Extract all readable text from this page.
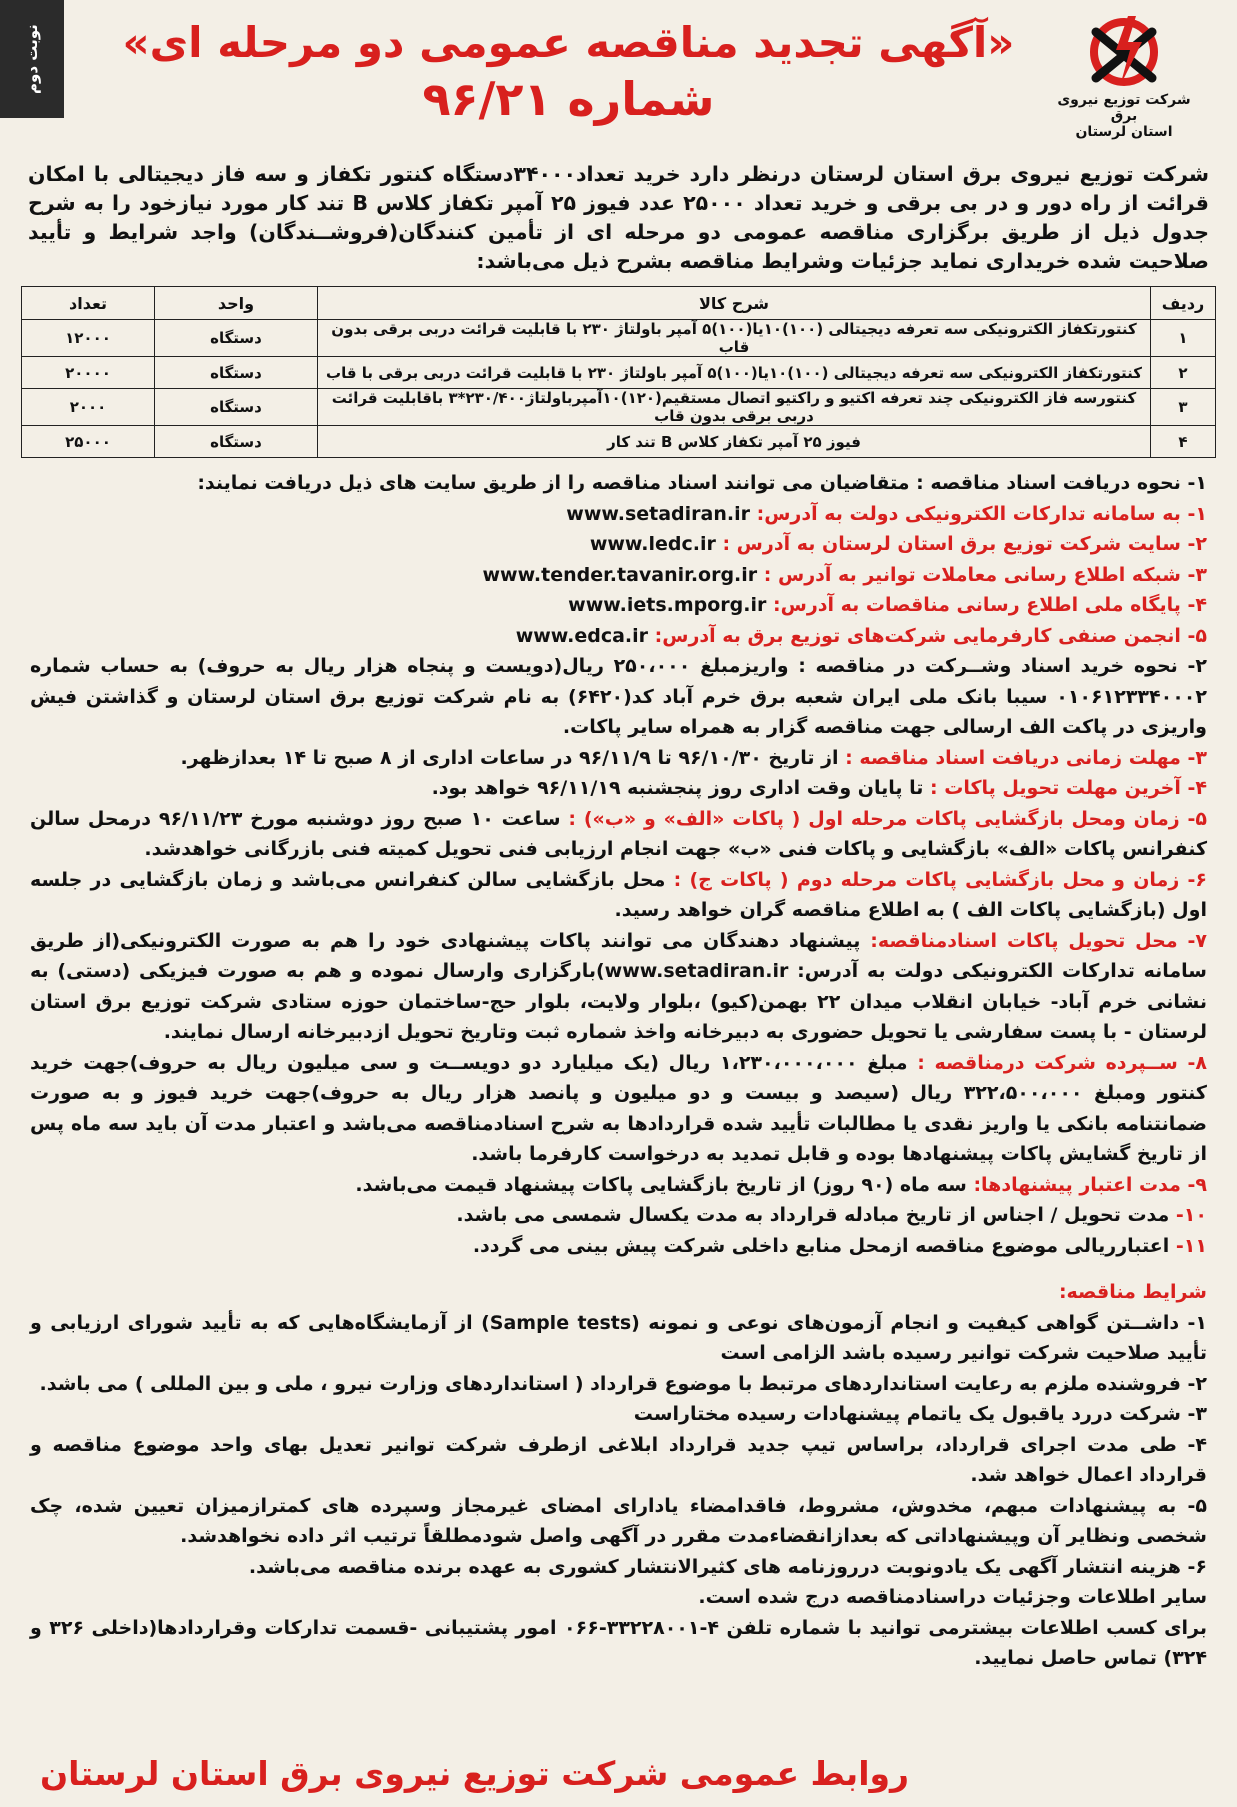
نوبت دوم
شرکت توزیع نیروی برق
استان لرستان
«آگهی تجدید مناقصه عمومی دو مرحله ای»
شماره ۹۶/۲۱

شرکت توزیع نیروی برق استان لرستان درنظر دارد خرید تعداد۳۴۰۰۰دستگاه کنتور تکفاز و سه فاز دیجیتالی با امکان قرائت از راه دور و در بی برقی و خرید تعداد ۲۵۰۰۰ عدد فیوز ۲۵ آمپر تکفاز کلاس B تند کار مورد نیازخود را به شرح جدول ذیل از طریق برگزاری مناقصه عمومی دو مرحله ای از تأمین کنندگان(فروشــندگان) واجد شرایط و تأیید صلاحیت شده خریداری نماید جزئیات وشرایط مناقصه بشرح ذیل می‌باشد:

ردیف	شرح کالا	واحد	تعداد
۱	کنتورتکفاز الکترونیکی سه تعرفه دیجیتالی (۱۰۰)۱۰یا(۱۰۰)۵ آمپر باولتاژ ۲۳۰ با قابلیت قرائت دربی برقی بدون قاب	دستگاه	۱۲۰۰۰
۲	کنتورتکفاز الکترونیکی سه تعرفه دیجیتالی (۱۰۰)۱۰یا(۱۰۰)۵ آمپر باولتاژ ۲۳۰ با قابلیت قرائت دربی برقی با قاب	دستگاه	۲۰۰۰۰
۳	کنتورسه فاز الکترونیکی چند تعرفه اکتیو و راکتیو اتصال مستقیم(۱۲۰)۱۰آمپرباولتاژ۲۳۰/۴۰۰*۳ باقابلیت قرائت دربی برقی بدون قاب	دستگاه	۲۰۰۰
۴	فیوز ۲۵ آمپر تکفاز کلاس B تند کار	دستگاه	۲۵۰۰۰

۱- نحوه دریافت اسناد مناقصه : متقاضیان می توانند اسناد مناقصه را از طریق سایت های ذیل دریافت نمایند:

۱- به سامانه تدارکات الکترونیکی دولت به آدرس: www.setadiran.ir

۲- سایت شرکت توزیع برق استان لرستان به آدرس : www.ledc.ir

۳- شبکه اطلاع رسانی معاملات توانیر به آدرس : www.tender.tavanir.org.ir

۴- پایگاه ملی اطلاع رسانی مناقصات به آدرس: www.iets.mporg.ir

۵- انجمن صنفی کارفرمایی شرکت‌های توزیع برق به آدرس: www.edca.ir

۲- نحوه خرید اسناد وشــرکت در مناقصه : واریزمبلغ ۲۵۰،۰۰۰ ریال(دویست و پنجاه هزار ریال به حروف) به حساب شماره ۰۱۰۶۱۲۳۳۴۰۰۰۲ سیبا بانک ملی ایران شعبه برق خرم آباد کد(۶۴۲۰) به نام شرکت توزیع برق استان لرستان و گذاشتن فیش واریزی در پاکت الف ارسالی جهت مناقصه گزار به همراه سایر پاکات.

۳- مهلت زمانی دریافت اسناد مناقصه : از تاریخ ۹۶/۱۰/۳۰ تا ۹۶/۱۱/۹ در ساعات اداری از ۸ صبح تا ۱۴ بعدازظهر.

۴- آخرین مهلت تحویل پاکات : تا پایان وقت اداری روز پنجشنبه ۹۶/۱۱/۱۹ خواهد بود.

۵- زمان ومحل بازگشایی پاکات مرحله اول ( پاکات «الف» و «ب») : ساعت ۱۰ صبح روز دوشنبه مورخ ۹۶/۱۱/۲۳ درمحل سالن کنفرانس پاکات «الف» بازگشایی و پاکات فنی «ب» جهت انجام ارزیابی فنی تحویل کمیته فنی بازرگانی خواهدشد.

۶- زمان و محل بازگشایی پاکات مرحله دوم ( پاکات ج) : محل بازگشایی سالن کنفرانس می‌باشد و زمان بازگشایی در جلسه اول (بازگشایی پاکات الف ) به اطلاع مناقصه گران خواهد رسید.

۷- محل تحویل پاکات اسنادمناقصه: پیشنهاد دهندگان می توانند پاکات پیشنهادی خود را هم به صورت الکترونیکی(از طریق سامانه تدارکات الکترونیکی دولت به آدرس: www.setadiran.ir)بارگزاری وارسال نموده و هم به صورت فیزیکی (دستی) به نشانی خرم آباد- خیابان انقلاب میدان ۲۲ بهمن(کیو) ،بلوار ولایت، بلوار حج-ساختمان حوزه ستادی شرکت توزیع برق استان لرستان - با پست سفارشی یا تحویل حضوری به دبیرخانه واخذ شماره ثبت وتاریخ تحویل ازدبیرخانه ارسال نمایند.

۸- ســپرده شرکت درمناقصه : مبلغ ۱،۲۳۰،۰۰۰،۰۰۰ ریال (یک میلیارد دو دویســت و سی میلیون ریال به حروف)جهت خرید کنتور ومبلغ ۳۲۲،۵۰۰،۰۰۰ ریال (سیصد و بیست و دو میلیون و پانصد هزار ریال به حروف)جهت خرید فیوز و به صورت ضمانتنامه بانکی یا واریز نقدی یا مطالبات تأیید شده قراردادها به شرح اسنادمناقصه می‌باشد و اعتبار مدت آن باید سه ماه پس از تاریخ گشایش پاکات پیشنهادها بوده و قابل تمدید به درخواست کارفرما باشد.

۹- مدت اعتبار پیشنهادها: سه ماه (۹۰ روز) از تاریخ بازگشایی پاکات پیشنهاد قیمت می‌باشد.

۱۰- مدت تحویل / اجناس از تاریخ مبادله قرارداد به مدت یکسال شمسی می باشد.

۱۱- اعتبارریالی موضوع مناقصه ازمحل منابع داخلی شرکت پیش بینی می گردد.

شرایط مناقصه:

۱- داشــتن گواهی کیفیت و انجام آزمون‌های نوعی و نمونه (Sample tests) از آزمایشگاه‌هایی که به تأیید شورای ارزیابی و تأیید صلاحیت شرکت توانیر رسیده باشد الزامی است

۲- فروشنده ملزم به رعایت استانداردهای مرتبط با موضوع قرارداد ( استانداردهای وزارت نیرو ، ملی و بین المللی ) می باشد.

۳- شرکت دررد یاقبول یک یاتمام پیشنهادات رسیده مختاراست

۴- طی مدت اجرای قرارداد، براساس تیپ جدید قرارداد ابلاغی ازطرف شرکت توانیر تعدیل بهای واحد موضوع مناقصه و قرارداد اعمال خواهد شد.

۵- به پیشنهادات مبهم، مخدوش، مشروط، فاقدامضاء یادارای امضای غیرمجاز وسپرده های کمترازمیزان تعیین شده، چک شخصی ونظایر آن وپیشنهاداتی که بعدازانقضاءمدت مقرر در آگهی واصل شودمطلقاً ترتیب اثر داده نخواهدشد.

۶- هزینه انتشار آگهی یک یادونوبت درروزنامه های کثیرالانتشار کشوری به عهده برنده مناقصه می‌باشد.

سایر اطلاعات وجزئیات دراسنادمناقصه درج شده است.

برای کسب اطلاعات بیشترمی توانید با شماره تلفن ۴-۳۳۲۲۸۰۰۱-۰۶۶ امور پشتیبانی -قسمت تدارکات وقراردادها(داخلی ۳۲۶ و ۳۲۴) تماس حاصل نمایید.

روابط عمومی شرکت توزیع نیروی برق استان لرستان
